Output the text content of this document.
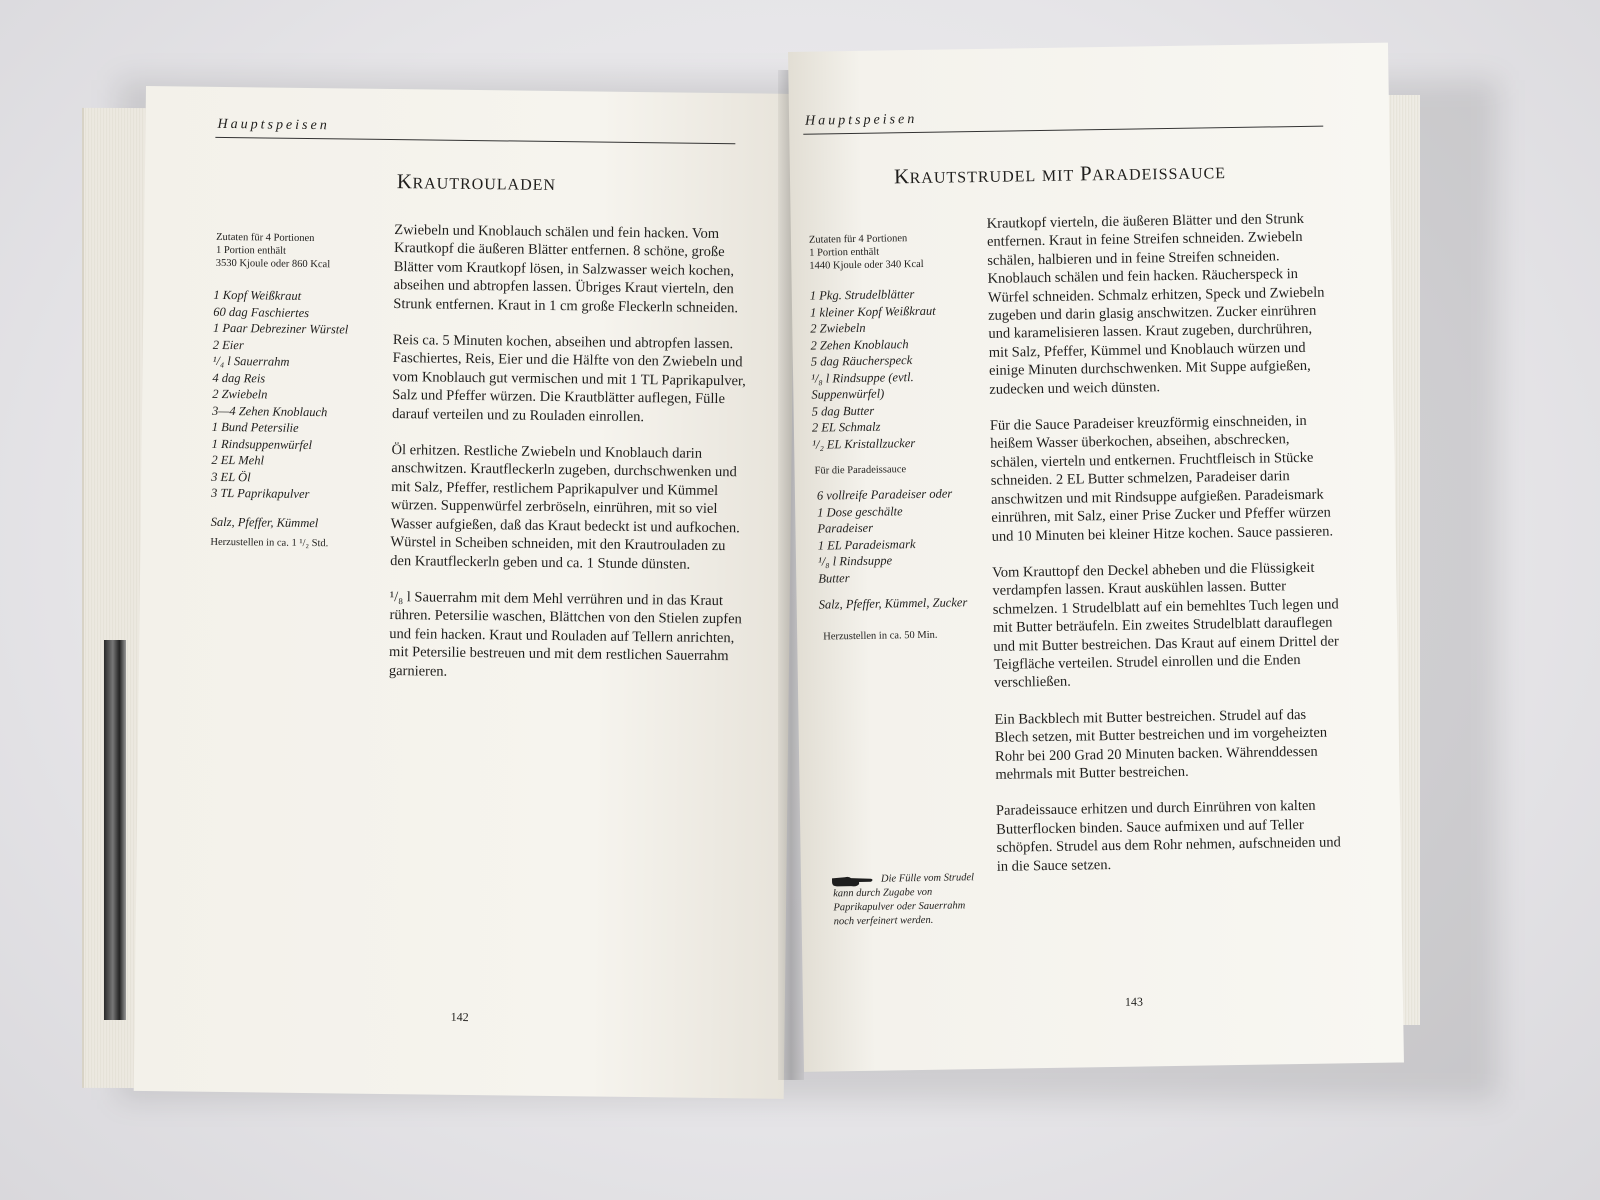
Hauptspeisen
KRAUTROULADEN
Zutaten für 4 Portionen
1 Portion enthält
3530 Kjoule oder 860 Kcal
1 Kopf Weißkraut
60 dag Faschiertes
1 Paar Debreziner Würstel
2 Eier
¹/₄ l Sauerrahm
4 dag Reis
2 Zwiebeln
3—4 Zehen Knoblauch
1 Bund Petersilie
1 Rindsuppenwürfel
2 EL Mehl
3 EL Öl
3 TL Paprikapulver
Salz, Pfeffer, Kümmel
Herzustellen in ca. 1 ¹/₂ Std.

Zwiebeln und Knoblauch schälen und fein hacken. Vom Krautkopf die äußeren Blätter entfernen. 8 schöne, große Blätter vom Krautkopf lösen, in Salzwasser weich kochen, abseihen und abtropfen lassen. Übriges Kraut vierteln, den Strunk entfernen. Kraut in 1 cm große Fleckerln schneiden.

Reis ca. 5 Minuten kochen, abseihen und abtropfen lassen. Faschiertes, Reis, Eier und die Hälfte von den Zwiebeln und vom Knoblauch gut vermischen und mit 1 TL Paprikapulver, Salz und Pfeffer würzen. Die Krautblätter auflegen, Fülle darauf verteilen und zu Rouladen einrollen.

Öl erhitzen. Restliche Zwiebeln und Knoblauch darin anschwitzen. Krautfleckerln zugeben, durchschwenken und mit Salz, Pfeffer, restlichem Paprikapulver und Kümmel würzen. Suppenwürfel zerbröseln, einrühren, mit so viel Wasser aufgießen, daß das Kraut bedeckt ist und aufkochen. Würstel in Scheiben schneiden, mit den Krautrouladen zu den Krautfleckerln geben und ca. 1 Stunde dünsten.

¹/₈ l Sauerrahm mit dem Mehl verrühren und in das Kraut rühren. Petersilie waschen, Blättchen von den Stielen zupfen und fein hacken. Kraut und Rouladen auf Tellern anrichten, mit Petersilie bestreuen und mit dem restlichen Sauerrahm garnieren.

142
Hauptspeisen
KRAUTSTRUDEL MIT PARADEISSAUCE
Zutaten für 4 Portionen
1 Portion enthält
1440 Kjoule oder 340 Kcal
1 Pkg. Strudelblätter
1 kleiner Kopf Weißkraut
2 Zwiebeln
2 Zehen Knoblauch
5 dag Räucherspeck
¹/₈ l Rindsuppe (evtl.
Suppenwürfel)
5 dag Butter
2 EL Schmalz
¹/₂ EL Kristallzucker
Für die Paradeissauce
6 vollreife Paradeiser oder
1 Dose geschälte
Paradeiser
1 EL Paradeismark
¹/₈ l Rindsuppe
Butter
Salz, Pfeffer, Kümmel, Zucker
Herzustellen in ca. 50 Min.
Die Fülle vom Strudel
kann durch Zugabe von
Paprikapulver oder Sauerrahm
noch verfeinert werden.

Krautkopf vierteln, die äußeren Blätter und den Strunk entfernen. Kraut in feine Streifen schneiden. Zwiebeln schälen, halbieren und in feine Streifen schneiden. Knoblauch schälen und fein hacken. Räucherspeck in Würfel schneiden. Schmalz erhitzen, Speck und Zwiebeln zugeben und darin glasig anschwitzen. Zucker einrühren und karamelisieren lassen. Kraut zugeben, durchrühren, mit Salz, Pfeffer, Kümmel und Knoblauch würzen und einige Minuten durchschwenken. Mit Suppe aufgießen, zudecken und weich dünsten.

Für die Sauce Paradeiser kreuzförmig einschneiden, in heißem Wasser überkochen, abseihen, abschrecken, schälen, vierteln und entkernen. Fruchtfleisch in Stücke schneiden. 2 EL Butter schmelzen, Paradeiser darin anschwitzen und mit Rindsuppe aufgießen. Paradeismark einrühren, mit Salz, einer Prise Zucker und Pfeffer würzen und 10 Minuten bei kleiner Hitze kochen. Sauce passieren.

Vom Krauttopf den Deckel abheben und die Flüssigkeit verdampfen lassen. Kraut auskühlen lassen. Butter schmelzen. 1 Strudelblatt auf ein bemehltes Tuch legen und mit Butter beträufeln. Ein zweites Strudelblatt darauflegen und mit Butter bestreichen. Das Kraut auf einem Drittel der Teigfläche verteilen. Strudel einrollen und die Enden verschließen.

Ein Backblech mit Butter bestreichen. Strudel auf das Blech setzen, mit Butter bestreichen und im vorgeheizten Rohr bei 200 Grad 20 Minuten backen. Währenddessen mehrmals mit Butter bestreichen.

Paradeissauce erhitzen und durch Einrühren von kalten Butterflocken binden. Sauce aufmixen und auf Teller schöpfen. Strudel aus dem Rohr nehmen, aufschneiden und in die Sauce setzen.

143
